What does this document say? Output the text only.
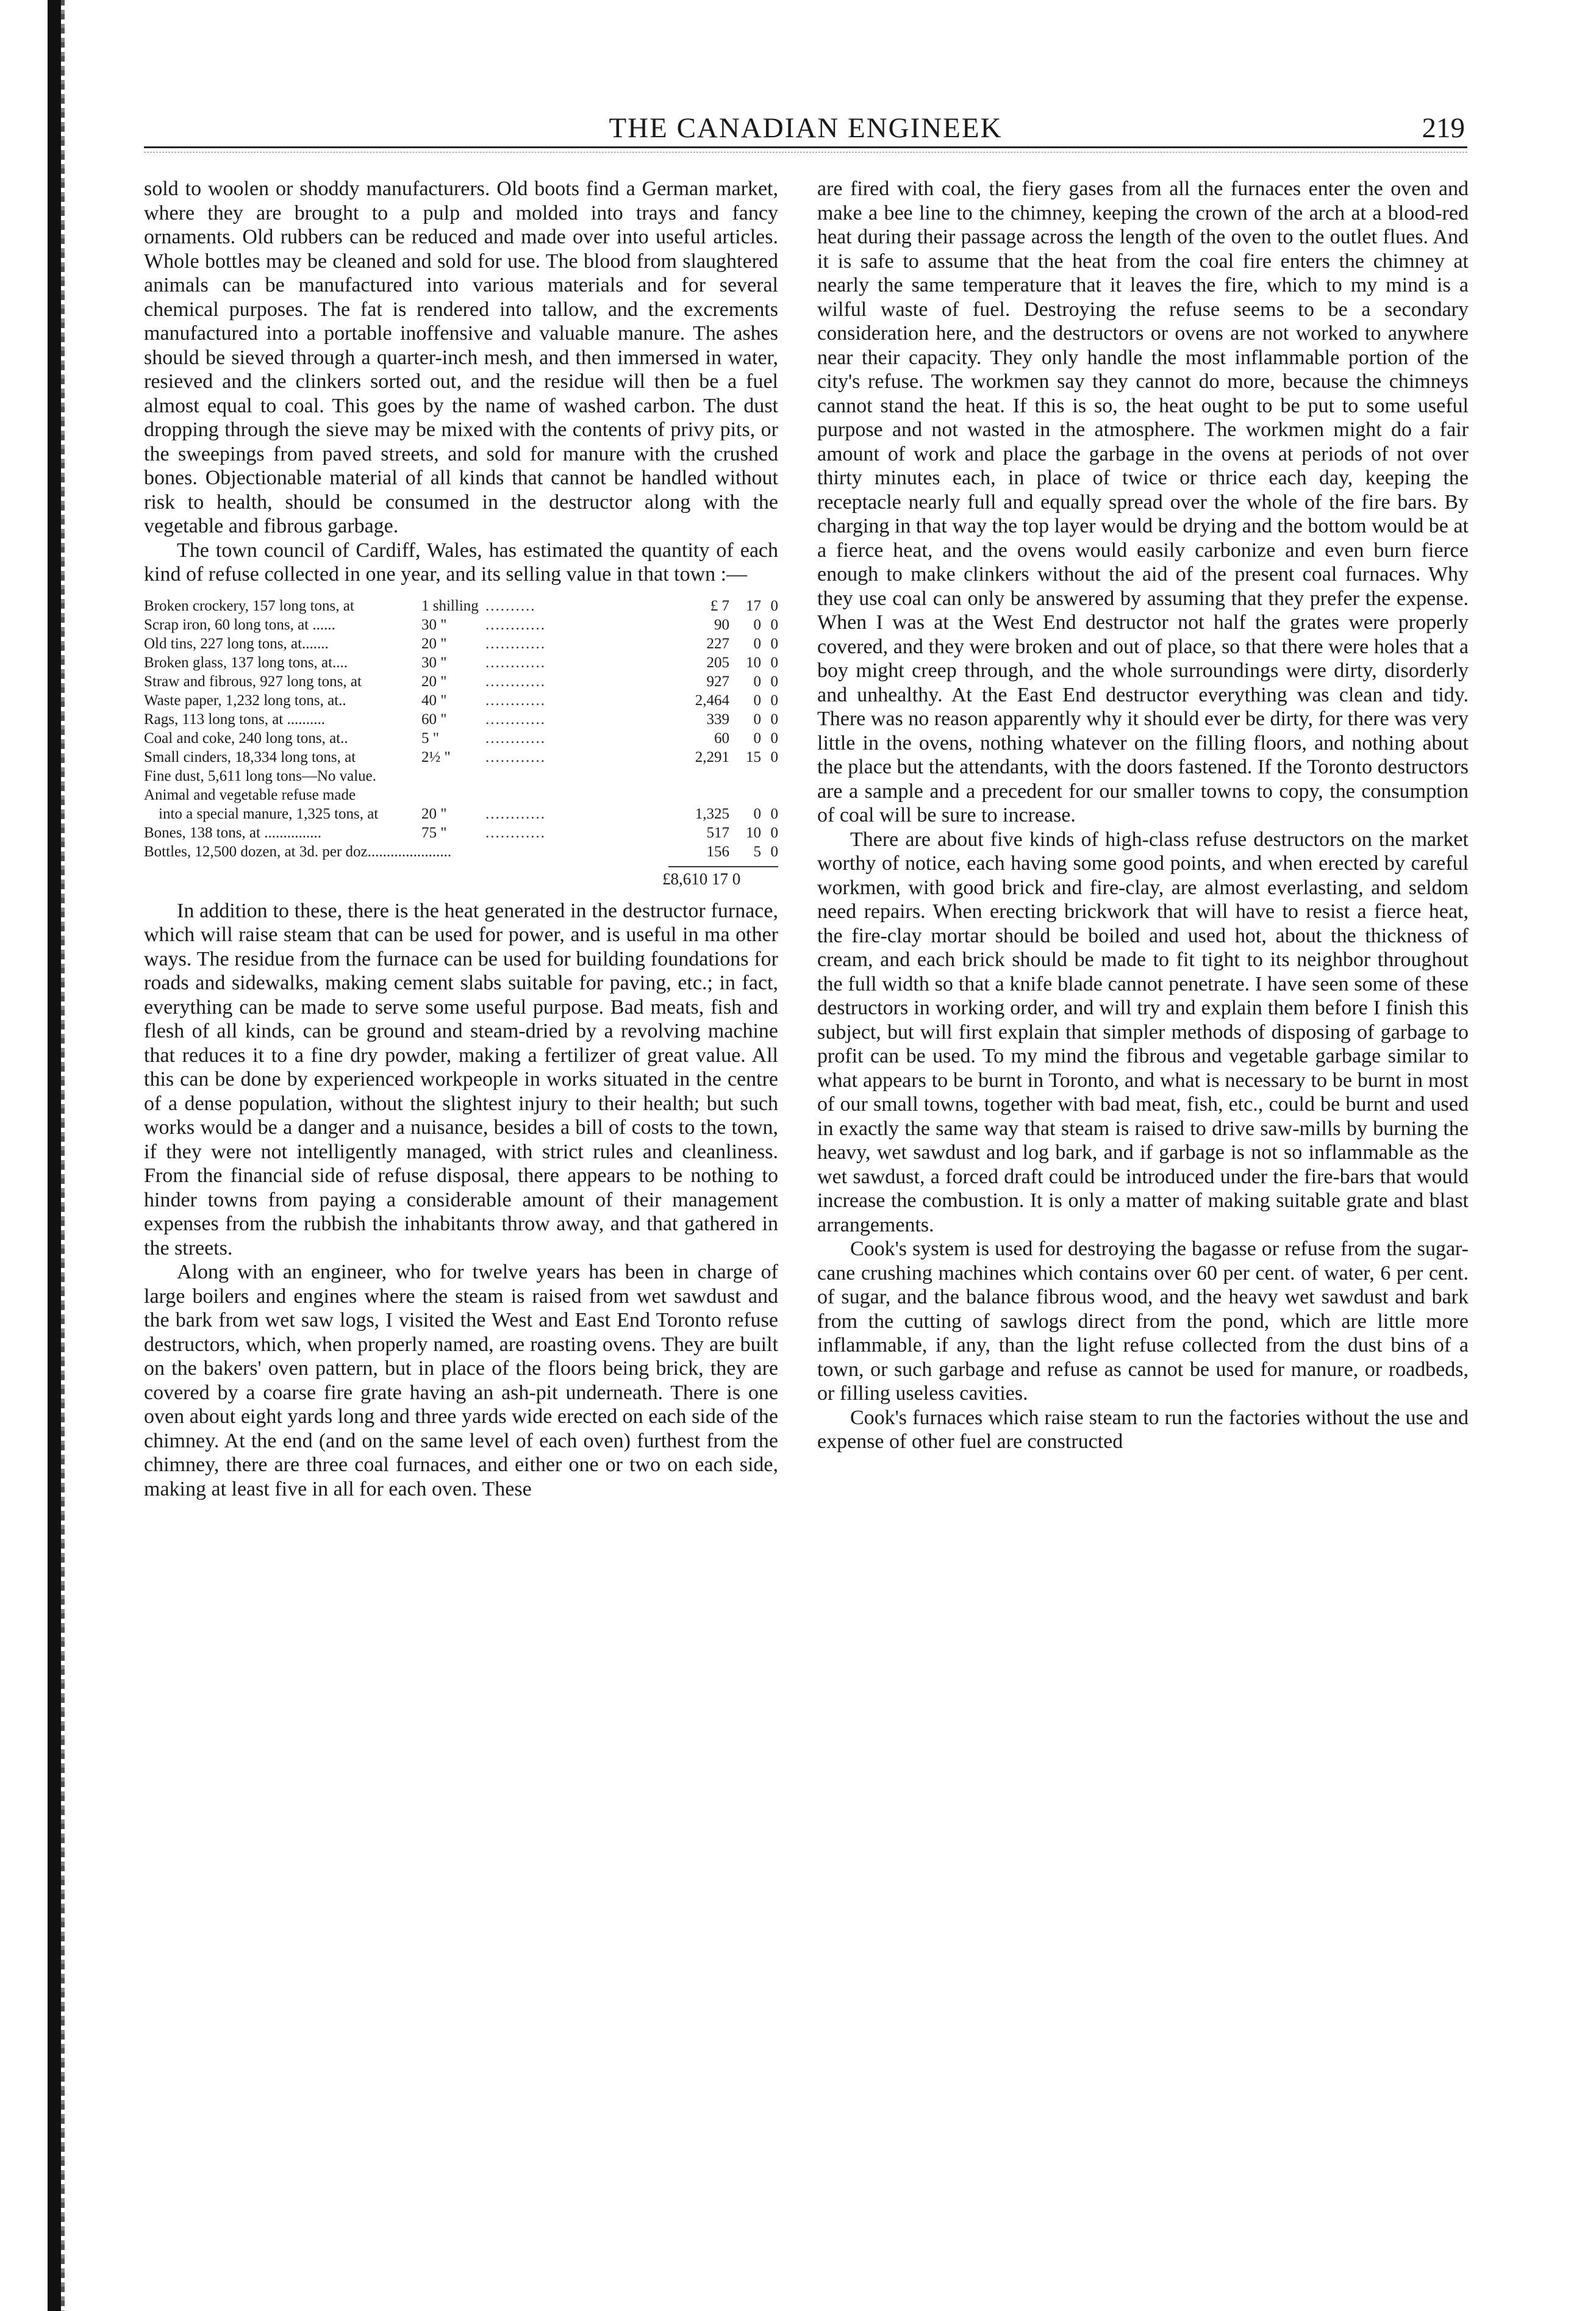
THE CANADIAN ENGINEEK	219

sold to woolen or shoddy manufacturers. Old boots find a German market, where they are brought to a pulp and molded into trays and fancy ornaments. Old rubbers can be reduced and made over into useful articles. Whole bottles may be cleaned and sold for use. The blood from slaughtered animals can be manufactured into various materials and for several chemical purposes. The fat is rendered into tallow, and the excrements manufactured into a portable inoffensive and valuable manure. The ashes should be sieved through a quarter-inch mesh, and then immersed in water, resieved and the clinkers sorted out, and the residue will then be a fuel almost equal to coal. This goes by the name of washed carbon. The dust dropping through the sieve may be mixed with the contents of privy pits, or the sweepings from paved streets, and sold for manure with the crushed bones. Objectionable material of all kinds that cannot be handled without risk to health, should be consumed in the destructor along with the vegetable and fibrous garbage.

The town council of Cardiff, Wales, has estimated the quantity of each kind of refuse collected in one year, and its selling value in that town :—

Broken crockery, 157 long tons, at	1 shilling ..........	£ 7	17 0
Scrap iron, 60 long tons, at ......	30 "	............	90	0 0
Old tins, 227 long tons, at.......	20 "	............	227	0 0
Broken glass, 137 long tons, at....	30 "	............	205	10 0
Straw and fibrous, 927 long tons, at	20 "	............	927	0 0
Waste paper, 1,232 long tons, at..	40 "	............	2,464	0 0
Rags, 113 long tons, at ..........	60 "	............	339	0 0
Coal and coke, 240 long tons, at..	5 "	............	60	0 0
Small cinders, 18,334 long tons, at	2½ "	............	2,291	15 0
Fine dust, 5,611 long tons—No value.
Animal and vegetable refuse made
into a special manure, 1,325 tons, at	20 "	............	1,325	0 0
Bones, 138 tons, at ...............	75 "	............	517	10 0
Bottles, 12,500 dozen, at 3d. per doz......................	156	5 0
£8,610 17 0

In addition to these, there is the heat generated in the destructor furnace, which will raise steam that can be used for power, and is useful in ma other ways. The residue from the furnace can be used for building foundations for roads and sidewalks, making cement slabs suitable for paving, etc.; in fact, everything can be made to serve some useful purpose. Bad meats, fish and flesh of all kinds, can be ground and steam-dried by a revolving machine that reduces it to a fine dry powder, making a fertilizer of great value. All this can be done by experienced workpeople in works situated in the centre of a dense population, without the slightest injury to their health; but such works would be a danger and a nuisance, besides a bill of costs to the town, if they were not intelligently managed, with strict rules and cleanliness. From the financial side of refuse disposal, there appears to be nothing to hinder towns from paying a considerable amount of their management expenses from the rubbish the inhabitants throw away, and that gathered in the streets.

Along with an engineer, who for twelve years has been in charge of large boilers and engines where the steam is raised from wet sawdust and the bark from wet saw logs, I visited the West and East End Toronto refuse destructors, which, when properly named, are roasting ovens. They are built on the bakers' oven pattern, but in place of the floors being brick, they are covered by a coarse fire grate having an ash-pit underneath. There is one oven about eight yards long and three yards wide erected on each side of the chimney. At the end (and on the same level of each oven) furthest from the chimney, there are three coal furnaces, and either one or two on each side, making at least five in all for each oven. These

are fired with coal, the fiery gases from all the furnaces enter the oven and make a bee line to the chimney, keeping the crown of the arch at a blood-red heat during their passage across the length of the oven to the outlet flues. And it is safe to assume that the heat from the coal fire enters the chimney at nearly the same temperature that it leaves the fire, which to my mind is a wilful waste of fuel. Destroying the refuse seems to be a secondary consideration here, and the destructors or ovens are not worked to anywhere near their capacity. They only handle the most inflammable portion of the city's refuse. The workmen say they cannot do more, because the chimneys cannot stand the heat. If this is so, the heat ought to be put to some useful purpose and not wasted in the atmosphere. The workmen might do a fair amount of work and place the garbage in the ovens at periods of not over thirty minutes each, in place of twice or thrice each day, keeping the receptacle nearly full and equally spread over the whole of the fire bars. By charging in that way the top layer would be drying and the bottom would be at a fierce heat, and the ovens would easily carbonize and even burn fierce enough to make clinkers without the aid of the present coal furnaces. Why they use coal can only be answered by assuming that they prefer the expense. When I was at the West End destructor not half the grates were properly covered, and they were broken and out of place, so that there were holes that a boy might creep through, and the whole surroundings were dirty, disorderly and unhealthy. At the East End destructor everything was clean and tidy. There was no reason apparently why it should ever be dirty, for there was very little in the ovens, nothing whatever on the filling floors, and nothing about the place but the attendants, with the doors fastened. If the Toronto destructors are a sample and a precedent for our smaller towns to copy, the consumption of coal will be sure to increase.

There are about five kinds of high-class refuse destructors on the market worthy of notice, each having some good points, and when erected by careful workmen, with good brick and fire-clay, are almost everlasting, and seldom need repairs. When erecting brickwork that will have to resist a fierce heat, the fire-clay mortar should be boiled and used hot, about the thickness of cream, and each brick should be made to fit tight to its neighbor throughout the full width so that a knife blade cannot penetrate. I have seen some of these destructors in working order, and will try and explain them before I finish this subject, but will first explain that simpler methods of disposing of garbage to profit can be used. To my mind the fibrous and vegetable garbage similar to what appears to be burnt in Toronto, and what is necessary to be burnt in most of our small towns, together with bad meat, fish, etc., could be burnt and used in exactly the same way that steam is raised to drive saw-mills by burning the heavy, wet sawdust and log bark, and if garbage is not so inflammable as the wet sawdust, a forced draft could be introduced under the fire-bars that would increase the combustion. It is only a matter of making suitable grate and blast arrangements.

Cook's system is used for destroying the bagasse or refuse from the sugar-cane crushing machines which contains over 60 per cent. of water, 6 per cent. of sugar, and the balance fibrous wood, and the heavy wet sawdust and bark from the cutting of sawlogs direct from the pond, which are little more inflammable, if any, than the light refuse collected from the dust bins of a town, or such garbage and refuse as cannot be used for manure, or roadbeds, or filling useless cavities.

Cook's furnaces which raise steam to run the factories without the use and expense of other fuel are constructed
